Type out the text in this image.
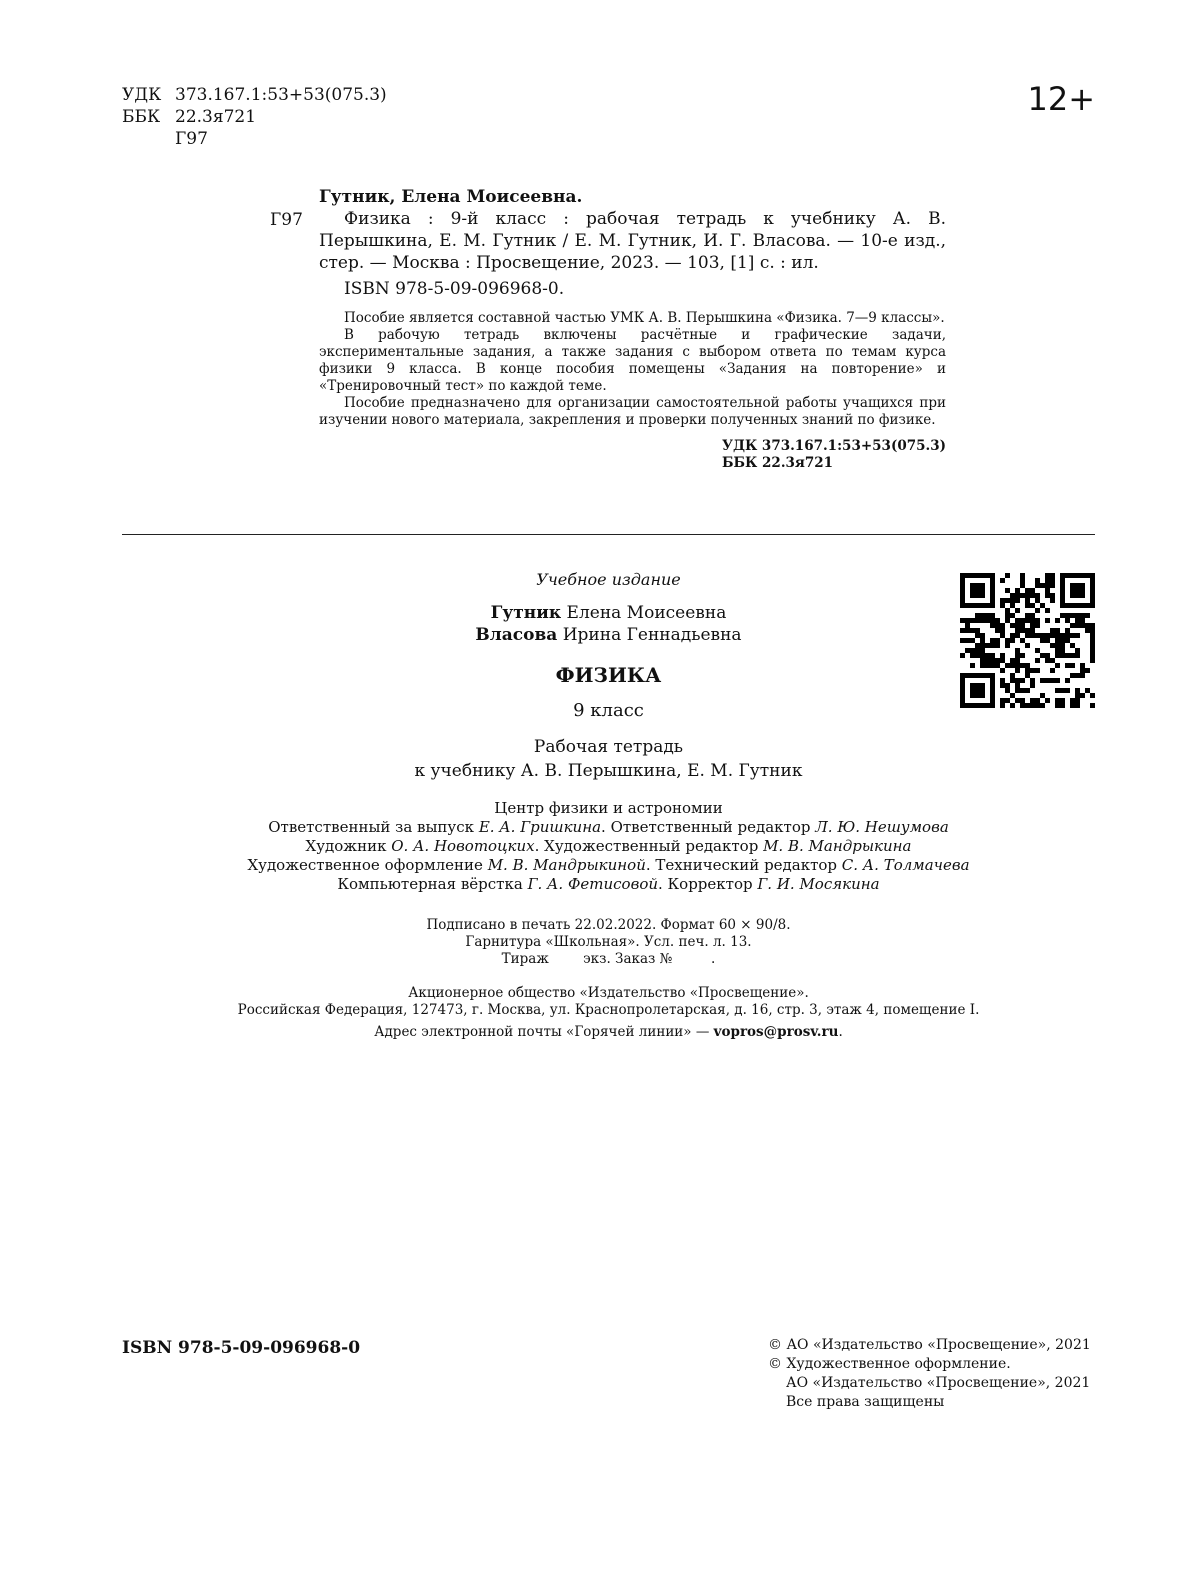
УДК 373.167.1:53+53(075.3)
ББК 22.3я721
Г97
12+
Г97
Гутник, Елена Моисеевна.
Физика : 9-й класс : рабочая тетрадь к учебнику А. В. Перышкина, Е. М. Гутник / Е. М. Гутник, И. Г. Власова. — 10-е изд., стер. — Москва : Просвещение, 2023. — 103, [1] с. : ил.
ISBN 978-5-09-096968-0.

Пособие является составной частью УМК А. В. Перышкина «Физика. 7—9 классы».

В рабочую тетрадь включены расчётные и графические задачи, экспериментальные задания, а также задания с выбором ответа по темам курса физики 9 класса. В конце пособия помещены «Задания на повторение» и «Тренировочный тест» по каждой теме.

Пособие предназначено для организации самостоятельной работы учащихся при изучении нового материала, закрепления и проверки полученных знаний по физике.

УДК 373.167.1:53+53(075.3)
ББК 22.3я721
Учебное издание
Гутник Елена Моисеевна
Власова Ирина Геннадьевна
ФИЗИКА
9 класс
Рабочая тетрадь
к учебнику А. В. Перышкина, Е. М. Гутник
Центр физики и астрономии
Ответственный за выпуск Е. А. Гришкина. Ответственный редактор Л. Ю. Нешумова
Художник О. А. Новотоцких. Художественный редактор М. В. Мандрыкина
Художественное оформление М. В. Мандрыкиной. Технический редактор С. А. Толмачева
Компьютерная вёрстка Г. А. Фетисовой. Корректор Г. И. Мосякина
Подписано в печать 22.02.2022. Формат 60 × 90/8.
Гарнитура «Школьная». Усл. печ. л. 13.
Тираж        экз. Заказ №         .
Акционерное общество «Издательство «Просвещение».
Российская Федерация, 127473, г. Москва, ул. Краснопролетарская, д. 16, стр. 3, этаж 4, помещение I.
Адрес электронной почты «Горячей линии» — vopros@prosv.ru.
ISBN 978-5-09-096968-0	© АО «Издательство «Просвещение», 2021
© Художественное оформление.
АО «Издательство «Просвещение», 2021
Все права защищены
